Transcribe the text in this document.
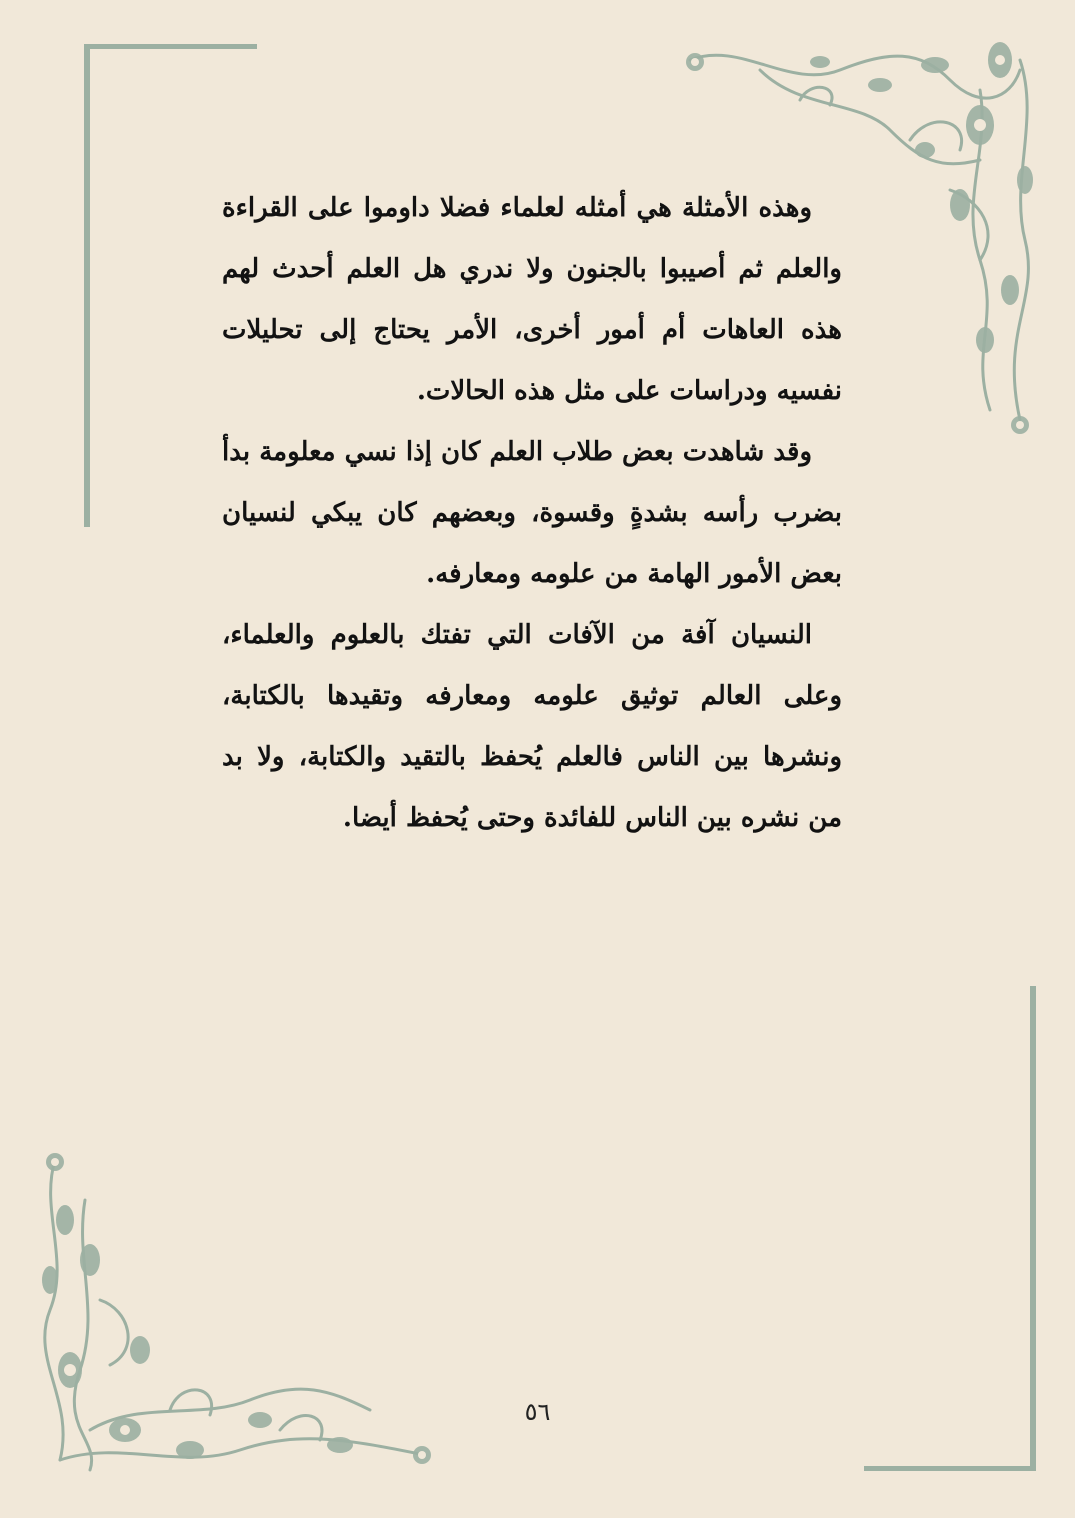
وهذه الأمثلة هي أمثله لعلماء فضلا داوموا على القراءة والعلم ثم أصيبوا بالجنون ولا ندري هل العلم أحدث لهم هذه العاهات أم أمور أخرى، الأمر يحتاج إلى تحليلات نفسيه ودراسات على مثل هذه الحالات.

وقد شاهدت بعض طلاب العلم كان إذا نسي معلومة بدأ بضرب رأسه بشدةٍ وقسوة، وبعضهم كان يبكي لنسيان بعض الأمور الهامة من علومه ومعارفه.

النسيان آفة من الآفات التي تفتك بالعلوم والعلماء، وعلى العالم توثيق علومه ومعارفه وتقيدها بالكتابة، ونشرها بين الناس فالعلم يُحفظ بالتقيد والكتابة، ولا بد من نشره بين الناس للفائدة وحتى يُحفظ أيضا.

٥٦
